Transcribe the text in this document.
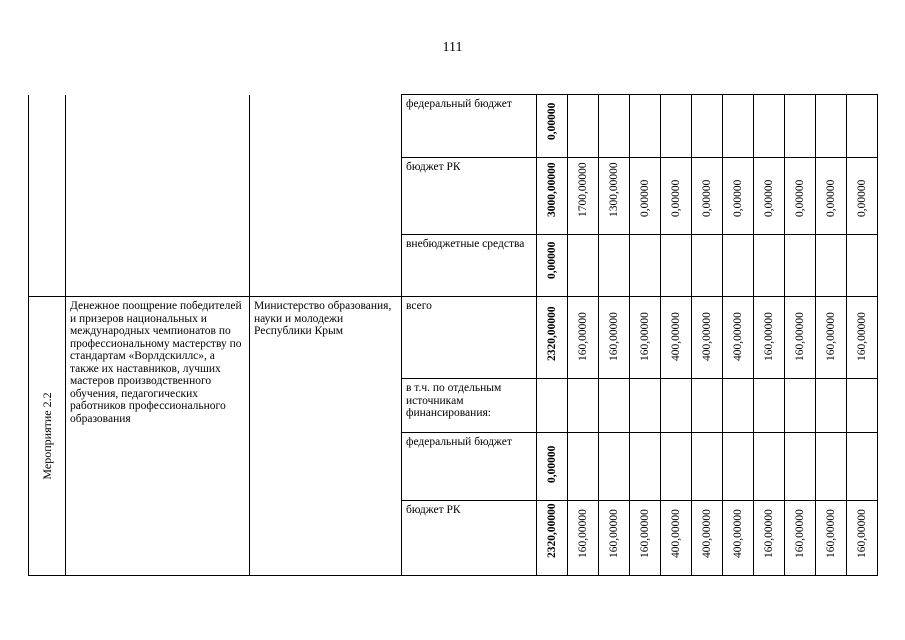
111

			федеральный бюджет	0,00000										

			бюджет РК	3000,00000	1700,00000	1300,00000	0,00000	0,00000	0,00000	0,00000	0,00000	0,00000	0,00000	0,00000

			внебюджетные средства	0,00000										

Мероприятие 2.2	Денежное поощрение победителей и призеров национальных и международных чемпионатов по профессиональному мастерству по стандартам «Ворлдскиллс», а также их наставников, лучших мастеров производственного обучения, педагогических работников профессионального образования	Министерство образования, науки и молодежи Республики Крым	всего	2320,00000	160,00000	160,00000	160,00000	400,00000	400,00000	400,00000	160,00000	160,00000	160,00000	160,00000

			в т.ч. по отдельным источникам финансирования:											

			федеральный бюджет	0,00000										

			бюджет РК	2320,00000	160,00000	160,00000	160,00000	400,00000	400,00000	400,00000	160,00000	160,00000	160,00000	160,00000
